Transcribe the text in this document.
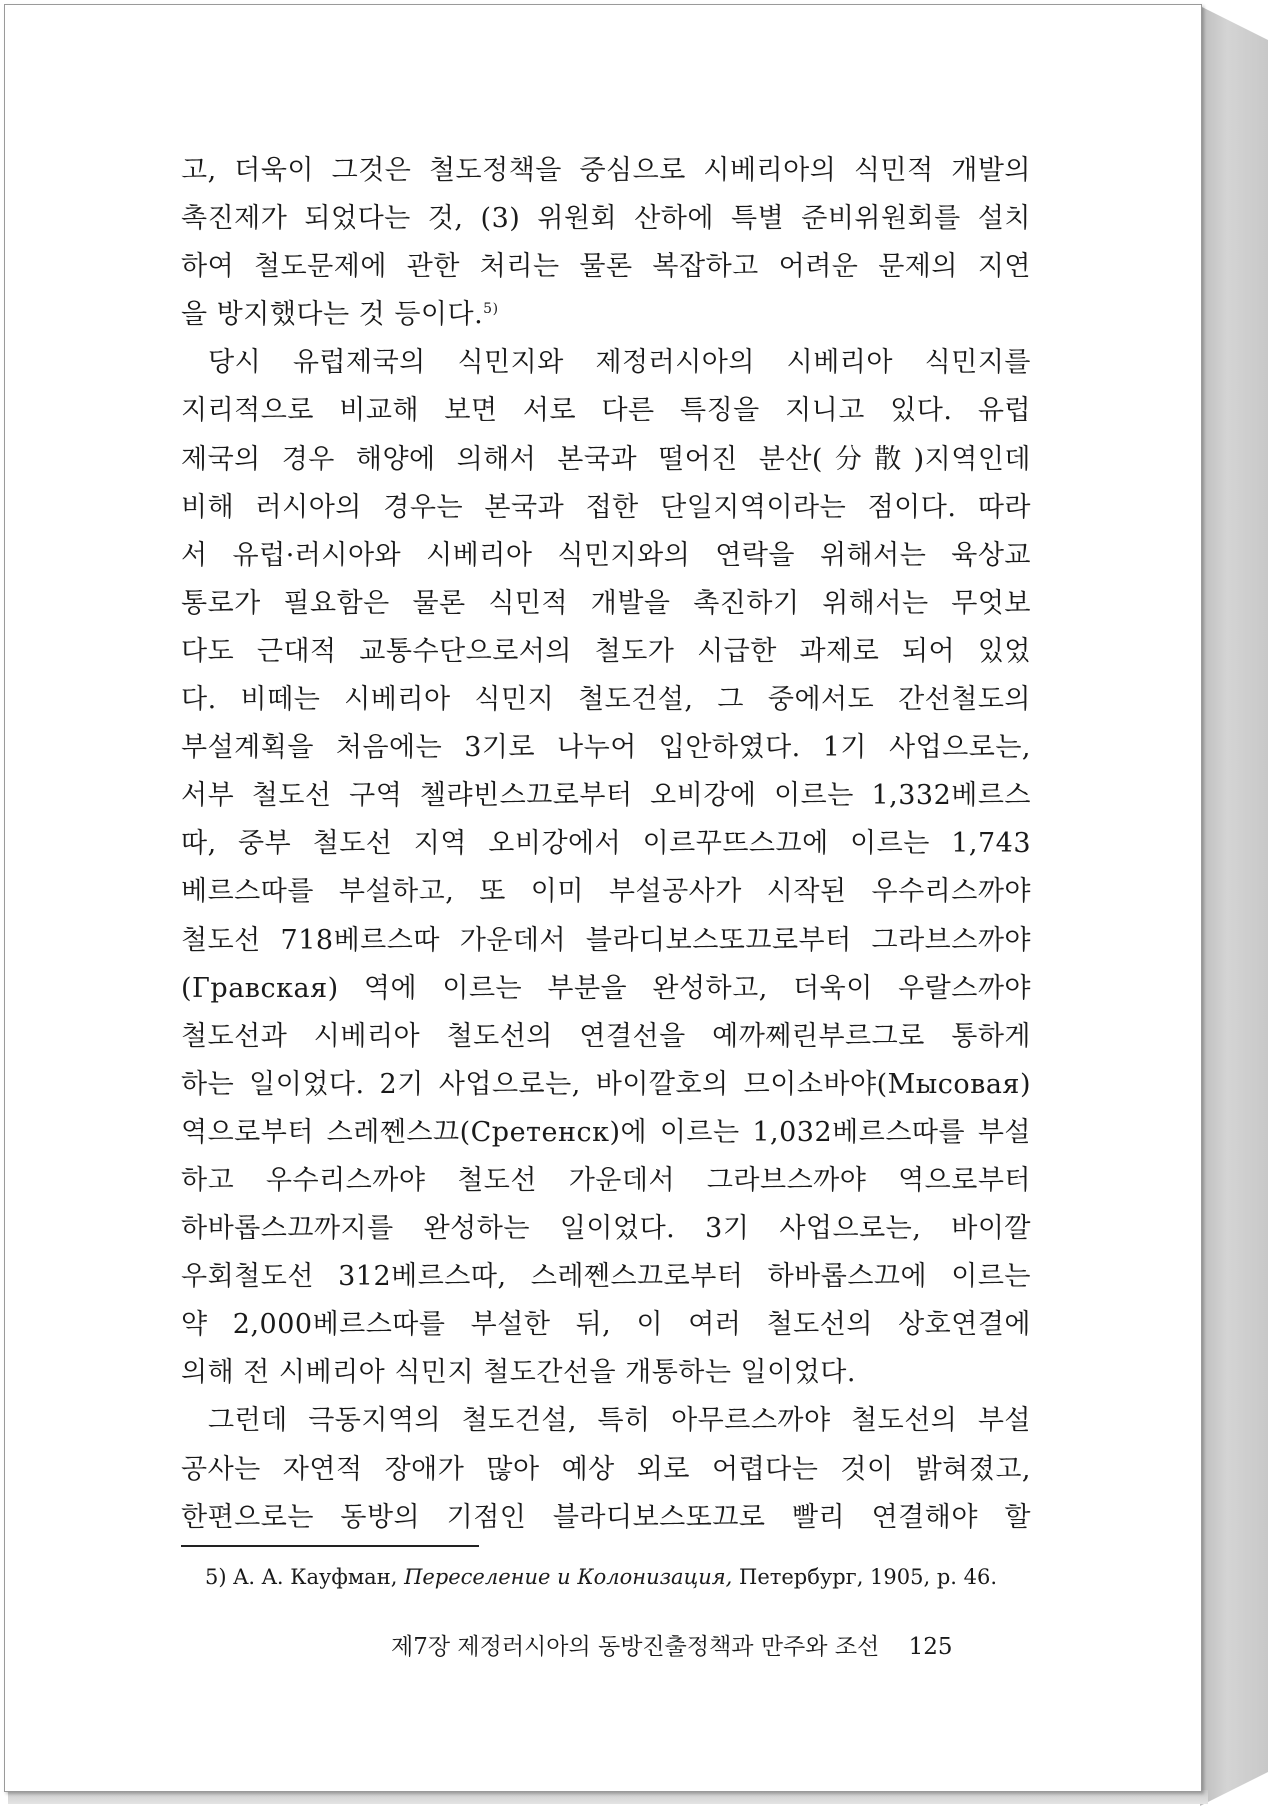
고, 더욱이 그것은 철도정책을 중심으로 시베리아의 식민적 개발의
촉진제가 되었다는 것, (3) 위원회 산하에 특별 준비위원회를 설치
하여 철도문제에 관한 처리는 물론 복잡하고 어려운 문제의 지연
을 방지했다는 것 등이다.$^{5)}$
당시 유럽제국의 식민지와 제정러시아의 시베리아 식민지를
지리적으로 비교해 보면 서로 다른 특징을 지니고 있다. 유럽
제국의 경우 해양에 의해서 본국과 떨어진 분산(分散)지역인데
비해 러시아의 경우는 본국과 접한 단일지역이라는 점이다. 따라
서 유럽·러시아와 시베리아 식민지와의 연락을 위해서는 육상교
통로가 필요함은 물론 식민적 개발을 촉진하기 위해서는 무엇보
다도 근대적 교통수단으로서의 철도가 시급한 과제로 되어 있었
다. 비떼는 시베리아 식민지 철도건설, 그 중에서도 간선철도의
부설계획을 처음에는 3기로 나누어 입안하였다. 1기 사업으로는,
서부 철도선 구역 첼랴빈스끄로부터 오비강에 이르는 1,332베르스
따, 중부 철도선 지역 오비강에서 이르꾸뜨스끄에 이르는 1,743
베르스따를 부설하고, 또 이미 부설공사가 시작된 우수리스까야
철도선 718베르스따 가운데서 블라디보스또끄로부터 그라브스까야
(Гравская) 역에 이르는 부분을 완성하고, 더욱이 우랄스까야
철도선과 시베리아 철도선의 연결선을 예까쩨린부르그로 통하게
하는 일이었다. 2기 사업으로는, 바이깔호의 므이소바야(Мысовая)
역으로부터 스레쩬스끄(Сретенск)에 이르는 1,032베르스따를 부설
하고 우수리스까야 철도선 가운데서 그라브스까야 역으로부터
하바롭스끄까지를 완성하는 일이었다. 3기 사업으로는, 바이깔
우회철도선 312베르스따, 스레쩬스끄로부터 하바롭스끄에 이르는
약 2,000베르스따를 부설한 뒤, 이 여러 철도선의 상호연결에
의해 전 시베리아 식민지 철도간선을 개통하는 일이었다.
그런데 극동지역의 철도건설, 특히 아무르스까야 철도선의 부설
공사는 자연적 장애가 많아 예상 외로 어렵다는 것이 밝혀졌고,
한편으로는 동방의 기점인 블라디보스또끄로 빨리 연결해야 할
5) A. A. Кауфман, Переселение и Колонизация, Петербург, 1905, p. 46.
제7장 제정러시아의 동방진출정책과 만주와 조선 125
